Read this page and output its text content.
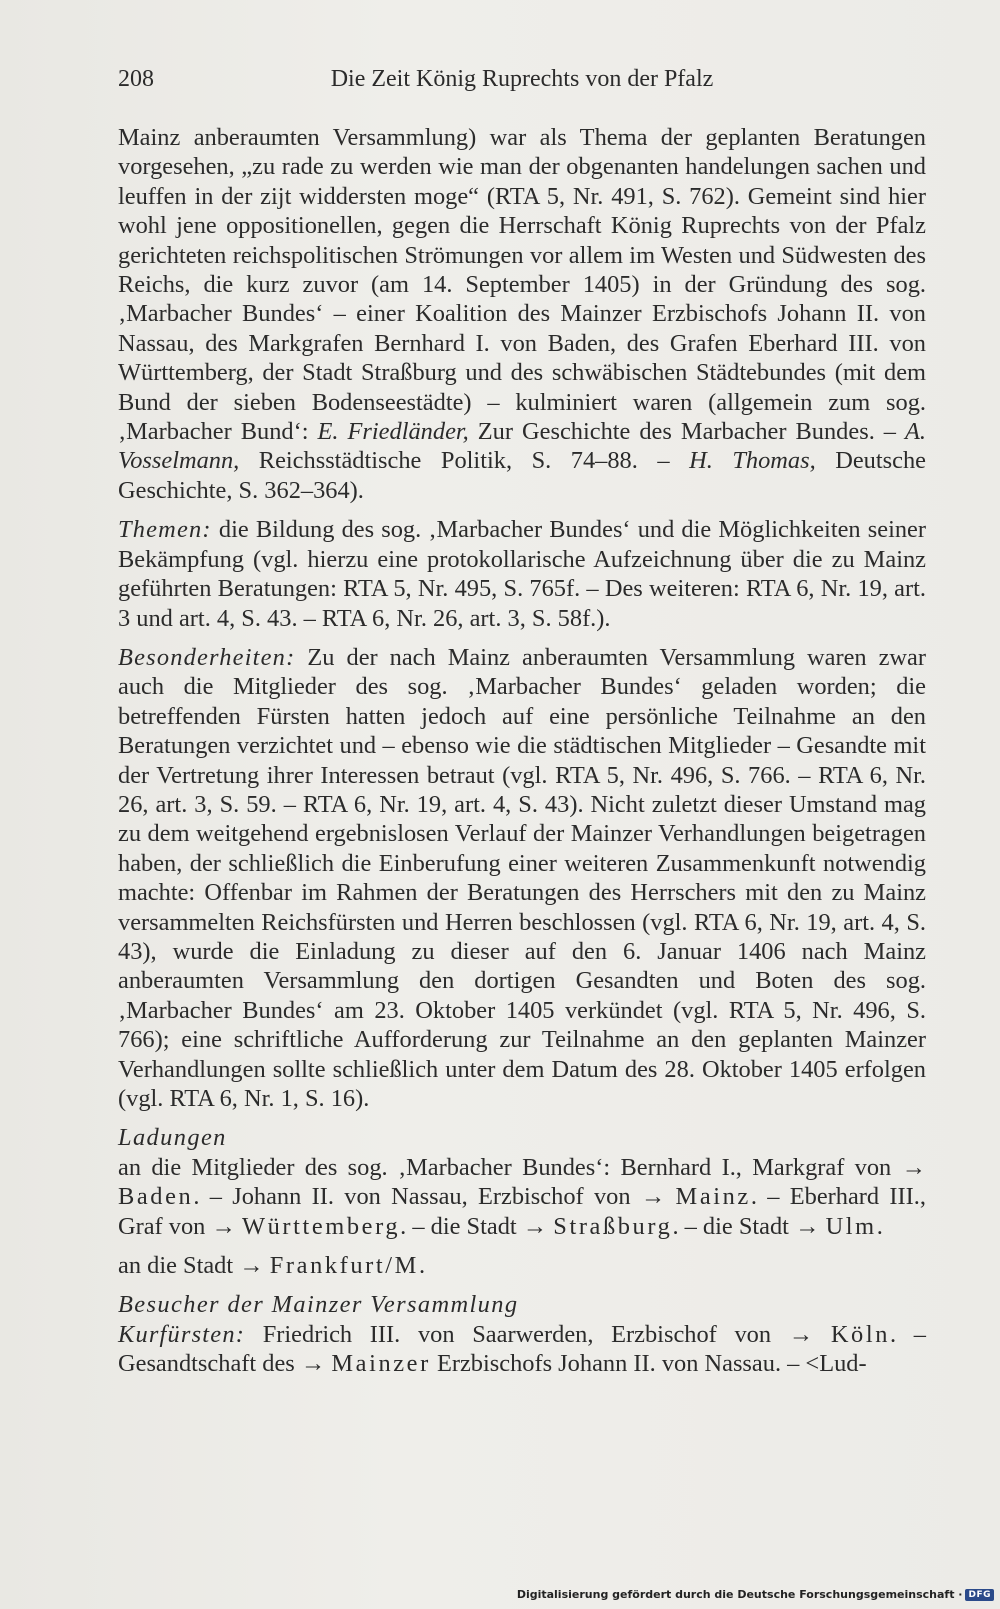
208	Die Zeit König Ruprechts von der Pfalz

Mainz anberaumten Versammlung) war als Thema der geplanten Beratungen vorgesehen, „zu rade zu werden wie man der obgenanten handelungen sachen und leuffen in der zijt widdersten moge“ (RTA 5, Nr. 491, S. 762). Gemeint sind hier wohl jene oppositionellen, gegen die Herrschaft König Ruprechts von der Pfalz gerichteten reichspolitischen Strömungen vor allem im Westen und Südwesten des Reichs, die kurz zuvor (am 14. September 1405) in der Gründung des sog. ‚Marbacher Bundes‘ – einer Koalition des Mainzer Erzbischofs Johann II. von Nassau, des Markgrafen Bernhard I. von Baden, des Grafen Eberhard III. von Württemberg, der Stadt Straßburg und des schwäbischen Städtebundes (mit dem Bund der sieben Bodenseestädte) – kulminiert waren (allgemein zum sog. ‚Marbacher Bund‘: E. Friedländer, Zur Geschichte des Marbacher Bundes. – A. Vosselmann, Reichsstädtische Politik, S. 74–88. – H. Thomas, Deutsche Geschichte, S. 362–364).

Themen: die Bildung des sog. ‚Marbacher Bundes‘ und die Möglichkeiten seiner Bekämpfung (vgl. hierzu eine protokollarische Aufzeichnung über die zu Mainz geführten Beratungen: RTA 5, Nr. 495, S. 765f. – Des weiteren: RTA 6, Nr. 19, art. 3 und art. 4, S. 43. – RTA 6, Nr. 26, art. 3, S. 58f.).

Besonderheiten: Zu der nach Mainz anberaumten Versammlung waren zwar auch die Mitglieder des sog. ‚Marbacher Bundes‘ geladen worden; die betreffenden Fürsten hatten jedoch auf eine persönliche Teilnahme an den Beratungen verzichtet und – ebenso wie die städtischen Mitglieder – Gesandte mit der Vertretung ihrer Interessen betraut (vgl. RTA 5, Nr. 496, S. 766. – RTA 6, Nr. 26, art. 3, S. 59. – RTA 6, Nr. 19, art. 4, S. 43). Nicht zuletzt dieser Umstand mag zu dem weitgehend ergebnislosen Verlauf der Mainzer Verhandlungen beigetragen haben, der schließlich die Einberufung einer weiteren Zusammenkunft notwendig machte: Offenbar im Rahmen der Beratungen des Herrschers mit den zu Mainz versammelten Reichsfürsten und Herren beschlossen (vgl. RTA 6, Nr. 19, art. 4, S. 43), wurde die Einladung zu dieser auf den 6. Januar 1406 nach Mainz anberaumten Versammlung den dortigen Gesandten und Boten des sog. ‚Marbacher Bundes‘ am 23. Oktober 1405 verkündet (vgl. RTA 5, Nr. 496, S. 766); eine schriftliche Aufforderung zur Teilnahme an den geplanten Mainzer Verhandlungen sollte schließlich unter dem Datum des 28. Oktober 1405 erfolgen (vgl. RTA 6, Nr. 1, S. 16).

Ladungen

an die Mitglieder des sog. ‚Marbacher Bundes‘: Bernhard I., Markgraf von → Baden. – Johann II. von Nassau, Erzbischof von → Mainz. – Eberhard III., Graf von → Württemberg. – die Stadt → Straßburg. – die Stadt → Ulm.

an die Stadt → Frankfurt/M.

Besucher der Mainzer Versammlung

Kurfürsten: Friedrich III. von Saarwerden, Erzbischof von → Köln. – Gesandtschaft des → Mainzer Erzbischofs Johann II. von Nassau. – <Lud-

Digitalisierung gefördert durch die Deutsche Forschungsgemeinschaft · DFG
